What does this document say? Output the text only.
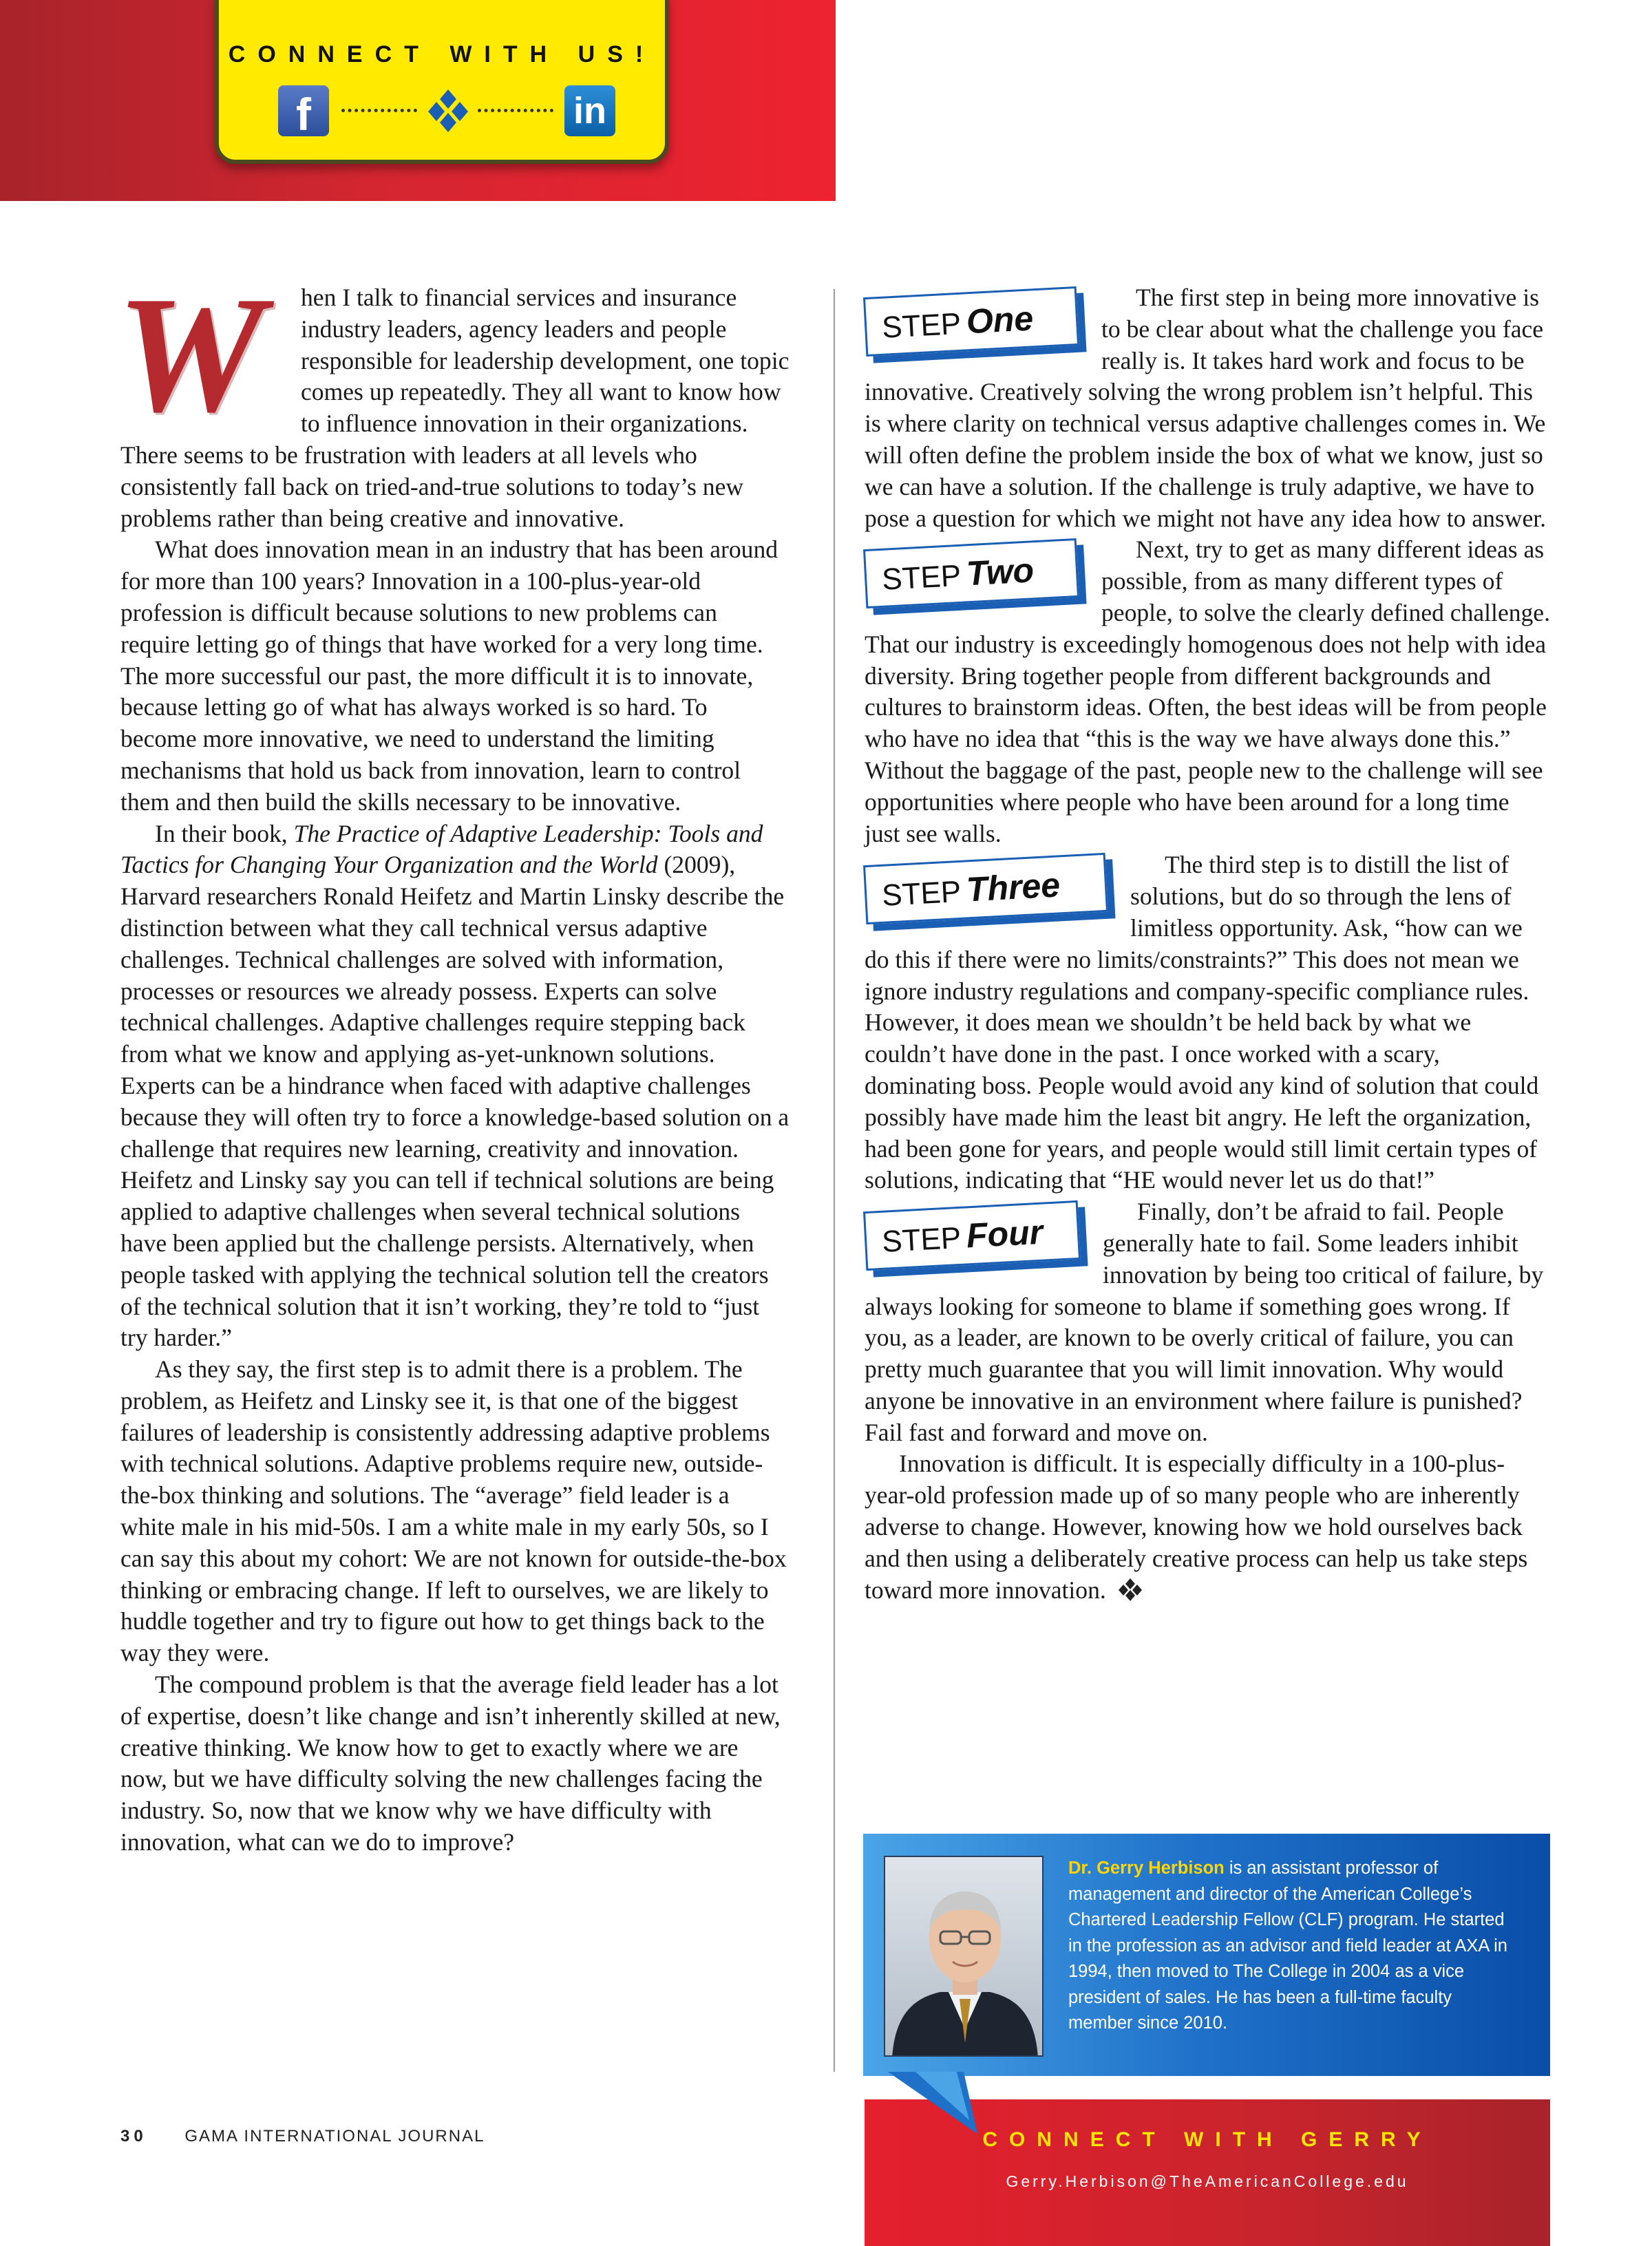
CONNECT WITH US!
f	in
W	hen I talk to financial services and insurance industry leaders, agency leaders and people responsible for leadership development, one topic comes up repeatedly. They all want to know how to influence innovation in their organizations. There seems to be frustration with leaders at all levels who consistently fall back on tried-and-true solutions to today’s new problems rather than being creative and innovative.

What does innovation mean in an industry that has been around for more than 100 years? Innovation in a 100-plus-year-old profession is difficult because solutions to new problems can require letting go of things that have worked for a very long time. The more successful our past, the more difficult it is to innovate, because letting go of what has always worked is so hard. To become more innovative, we need to understand the limiting mechanisms that hold us back from innovation, learn to control them and then build the skills necessary to be innovative.

In their book, The Practice of Adaptive Leadership: Tools and Tactics for Changing Your Organization and the World (2009), Harvard researchers Ronald Heifetz and Martin Linsky describe the distinction between what they call technical versus adaptive challenges. Technical challenges are solved with information, processes or resources we already possess. Experts can solve technical challenges. Adaptive challenges require stepping back from what we know and applying as-yet-unknown solutions. Experts can be a hindrance when faced with adaptive challenges because they will often try to force a knowledge-based solution on a challenge that requires new learning, creativity and innovation. Heifetz and Linsky say you can tell if technical solutions are being applied to adaptive challenges when several technical solutions have been applied but the challenge persists. Alternatively, when people tasked with applying the technical solution tell the creators of the technical solution that it isn’t working, they’re told to “just try harder.”

As they say, the first step is to admit there is a problem. The problem, as Heifetz and Linsky see it, is that one of the biggest failures of leadership is consistently addressing adaptive problems with technical solutions. Adaptive problems require new, outside-the-box thinking and solutions. The “average” field leader is a white male in his mid-50s. I am a white male in my early 50s, so I can say this about my cohort: We are not known for outside-the-box thinking or embracing change. If left to ourselves, we are likely to huddle together and try to figure out how to get things back to the way they were.

The compound problem is that the average field leader has a lot of expertise, doesn’t like change and isn’t inherently skilled at new, creative thinking. We know how to get to exactly where we are now, but we have difficulty solving the new challenges facing the industry. So, now that we know why we have difficulty with innovation, what can we do to improve?

STEP One

The first step in being more innovative is to be clear about what the challenge you face really is. It takes hard work and focus to be innovative. Creatively solving the wrong problem isn’t helpful. This is where clarity on technical versus adaptive challenges comes in. We will often define the problem inside the box of what we know, just so we can have a solution. If the challenge is truly adaptive, we have to pose a question for which we might not have any idea how to answer.

STEP Two

Next, try to get as many different ideas as possible, from as many different types of people, to solve the clearly defined challenge. That our industry is exceedingly homogenous does not help with idea diversity. Bring together people from different backgrounds and cultures to brainstorm ideas. Often, the best ideas will be from people who have no idea that “this is the way we have always done this.” Without the baggage of the past, people new to the challenge will see opportunities where people who have been around for a long time just see walls.

STEP Three

The third step is to distill the list of solutions, but do so through the lens of limitless opportunity. Ask, “how can we do this if there were no limits/constraints?” This does not mean we ignore industry regulations and company-specific compliance rules. However, it does mean we shouldn’t be held back by what we couldn’t have done in the past. I once worked with a scary, dominating boss. People would avoid any kind of solution that could possibly have made him the least bit angry. He left the organization, had been gone for years, and people would still limit certain types of solutions, indicating that “HE would never let us do that!”

STEP Four

Finally, don’t be afraid to fail. People generally hate to fail. Some leaders inhibit innovation by being too critical of failure, by always looking for someone to blame if something goes wrong. If you, as a leader, are known to be overly critical of failure, you can pretty much guarantee that you will limit innovation. Why would anyone be innovative in an environment where failure is punished? Fail fast and forward and move on.

Innovation is difficult. It is especially difficulty in a 100-plus-year-old profession made up of so many people who are inherently adverse to change. However, knowing how we hold ourselves back and then using a deliberately creative process can help us take steps toward more innovation.

Dr. Gerry Herbison is an assistant professor of management and director of the American College’s Chartered Leadership Fellow (CLF) program. He started in the profession as an advisor and field leader at AXA in 1994, then moved to The College in 2004 as a vice president of sales. He has been a full-time faculty member since 2010.
CONNECT WITH GERRY
Gerry.Herbison@TheAmericanCollege.edu
30 GAMA INTERNATIONAL JOURNAL
